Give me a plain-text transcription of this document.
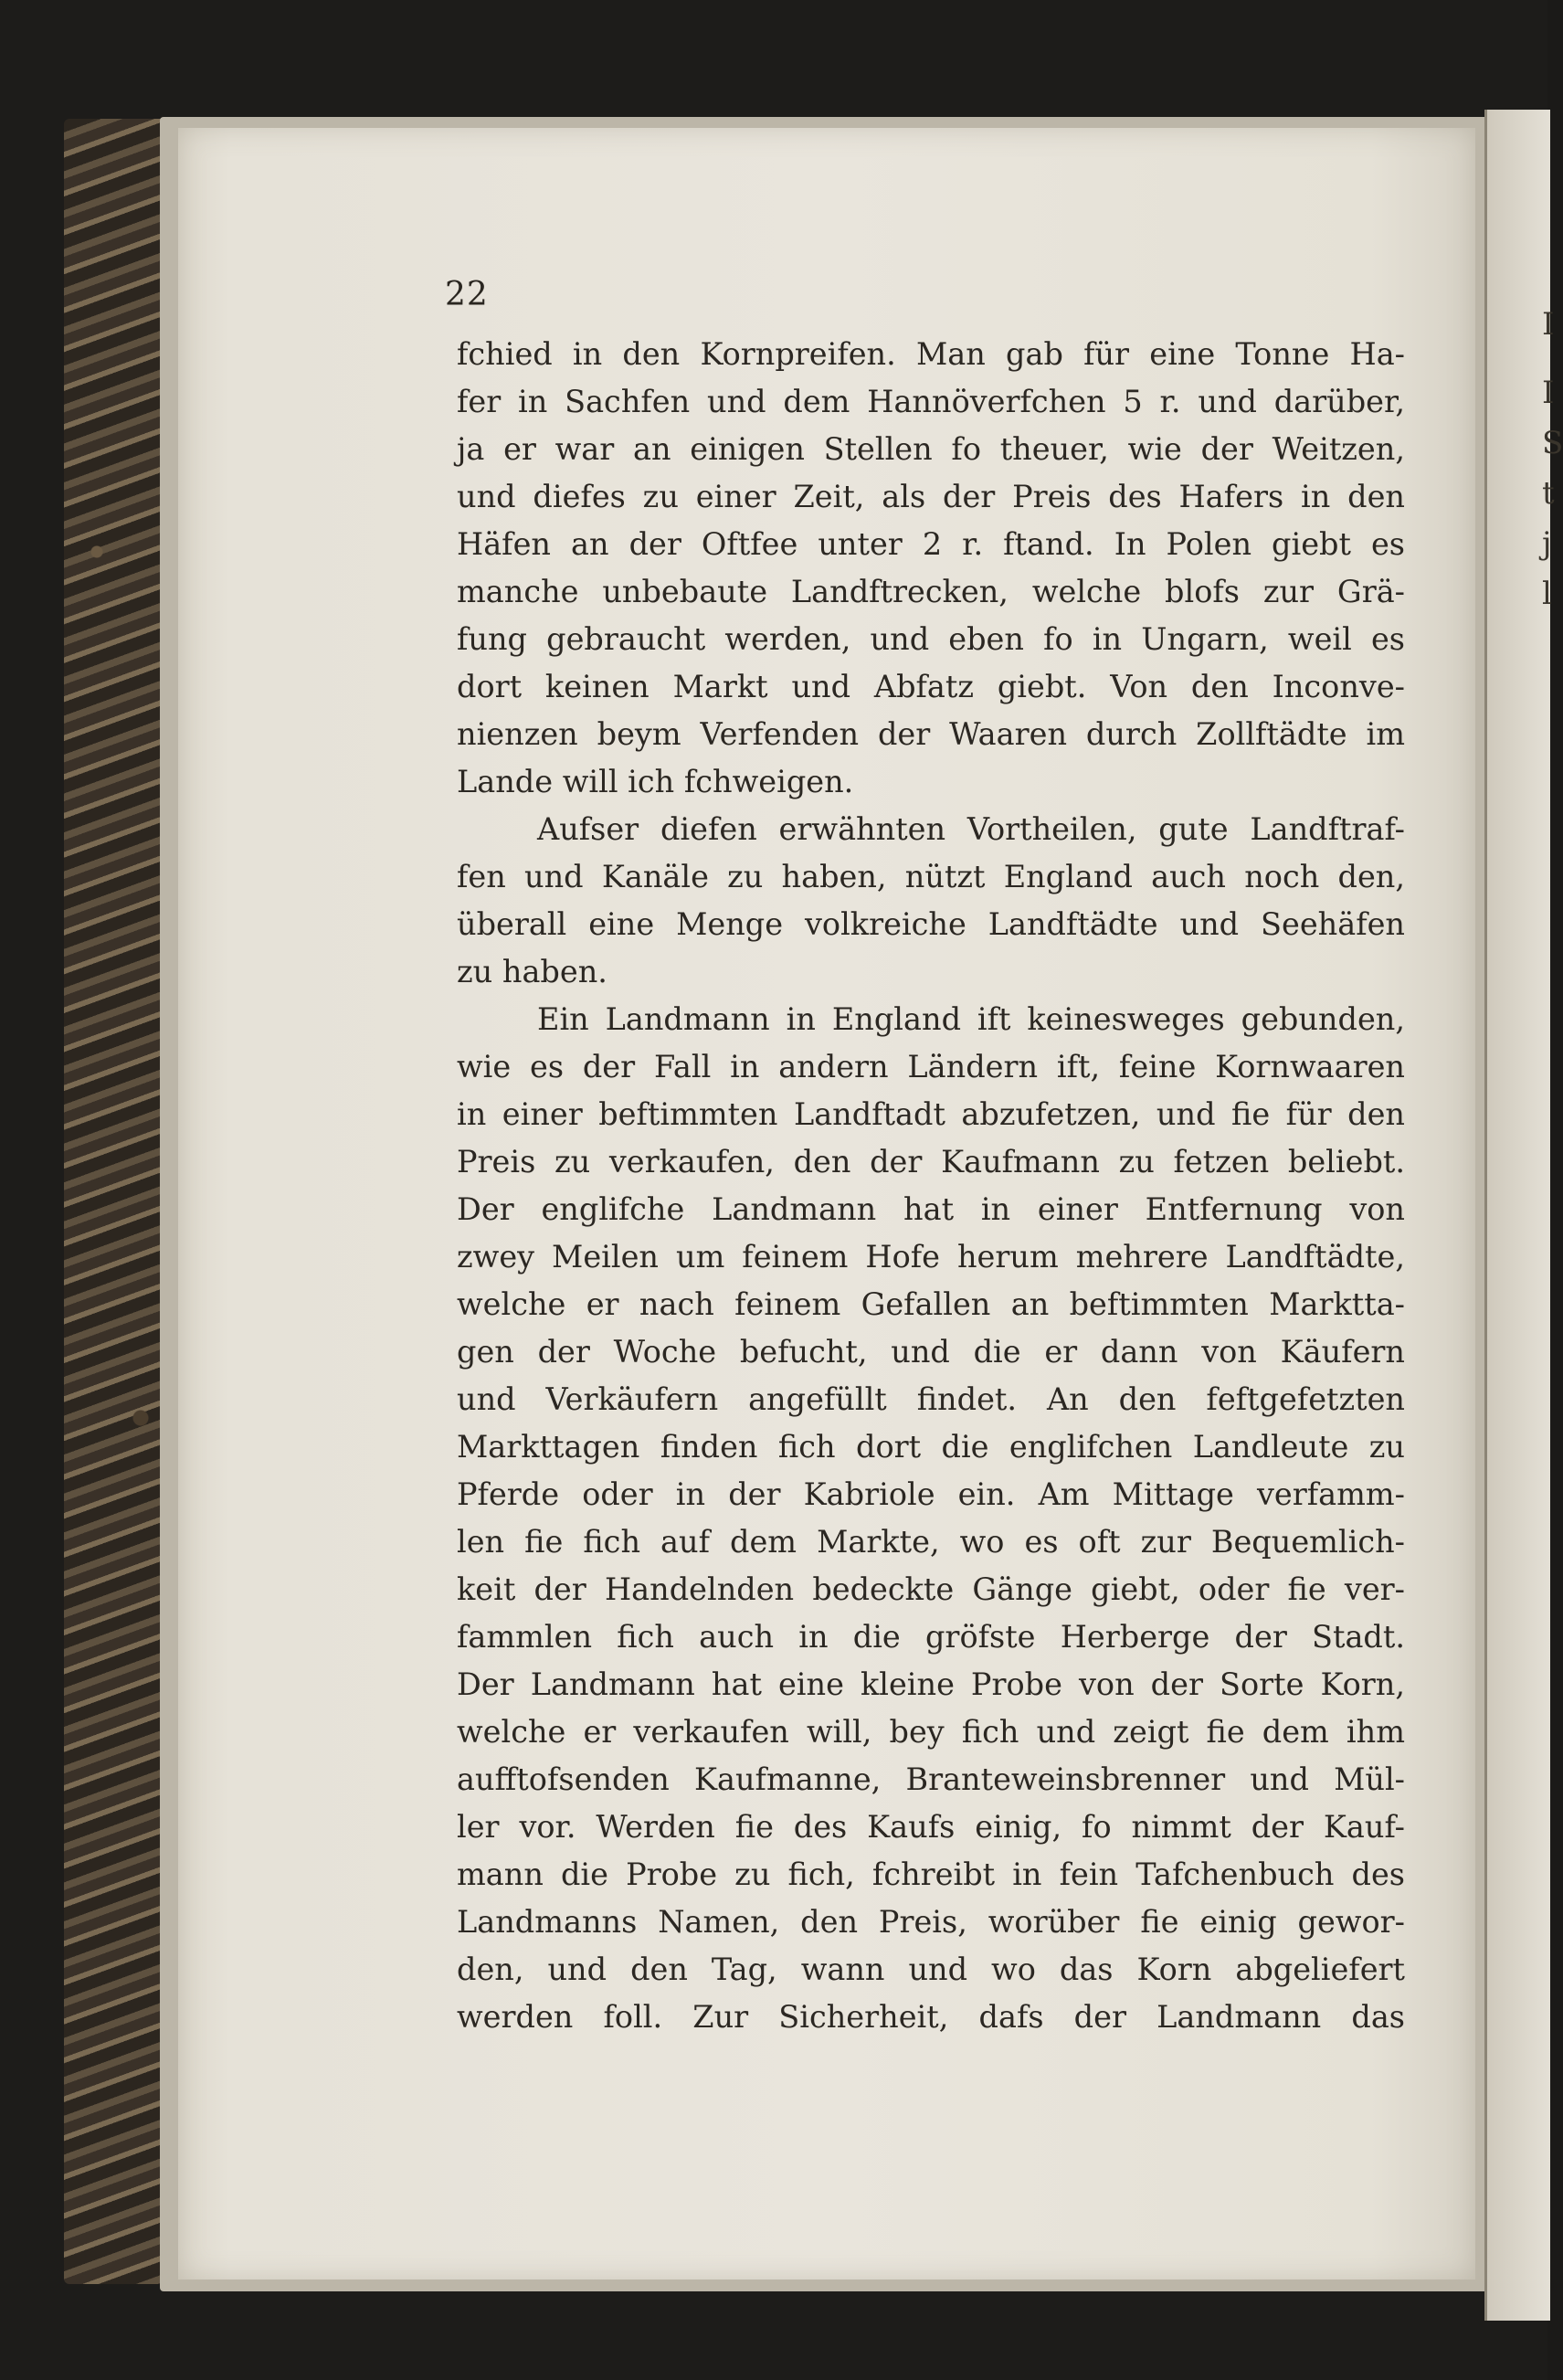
I
I
S
t
j
l
22
fchied in den Kornpreifen. Man gab für eine Tonne Ha-
fer in Sachfen und dem Hannöverfchen 5 r. und darüber,
ja er war an einigen Stellen fo theuer, wie der Weitzen,
und diefes zu einer Zeit, als der Preis des Hafers in den
Häfen an der Oftfee unter 2 r. ftand. In Polen giebt es
manche unbebaute Landftrecken, welche blofs zur Grä-
fung gebraucht werden, und eben fo in Ungarn, weil es
dort keinen Markt und Abfatz giebt. Von den Inconve-
nienzen beym Verfenden der Waaren durch Zollftädte im
Lande will ich fchweigen.
Aufser diefen erwähnten Vortheilen, gute Landftraf-
fen und Kanäle zu haben, nützt England auch noch den,
überall eine Menge volkreiche Landftädte und Seehäfen
zu haben.
Ein Landmann in England ift keinesweges gebunden,
wie es der Fall in andern Ländern ift, feine Kornwaaren
in einer beftimmten Landftadt abzufetzen, und fie für den
Preis zu verkaufen, den der Kaufmann zu fetzen beliebt.
Der englifche Landmann hat in einer Entfernung von
zwey Meilen um feinem Hofe herum mehrere Landftädte,
welche er nach feinem Gefallen an beftimmten Marktta-
gen der Woche befucht, und die er dann von Käufern
und Verkäufern angefüllt findet. An den feftgefetzten
Markttagen finden fich dort die englifchen Landleute zu
Pferde oder in der Kabriole ein. Am Mittage verfamm-
len fie fich auf dem Markte, wo es oft zur Bequemlich-
keit der Handelnden bedeckte Gänge giebt, oder fie ver-
fammlen fich auch in die gröfste Herberge der Stadt.
Der Landmann hat eine kleine Probe von der Sorte Korn,
welche er verkaufen will, bey fich und zeigt fie dem ihm
aufftofsenden Kaufmanne, Branteweinsbrenner und Mül-
ler vor. Werden fie des Kaufs einig, fo nimmt der Kauf-
mann die Probe zu fich, fchreibt in fein Tafchenbuch des
Landmanns Namen, den Preis, worüber fie einig gewor-
den, und den Tag, wann und wo das Korn abgeliefert
werden foll. Zur Sicherheit, dafs der Landmann das
